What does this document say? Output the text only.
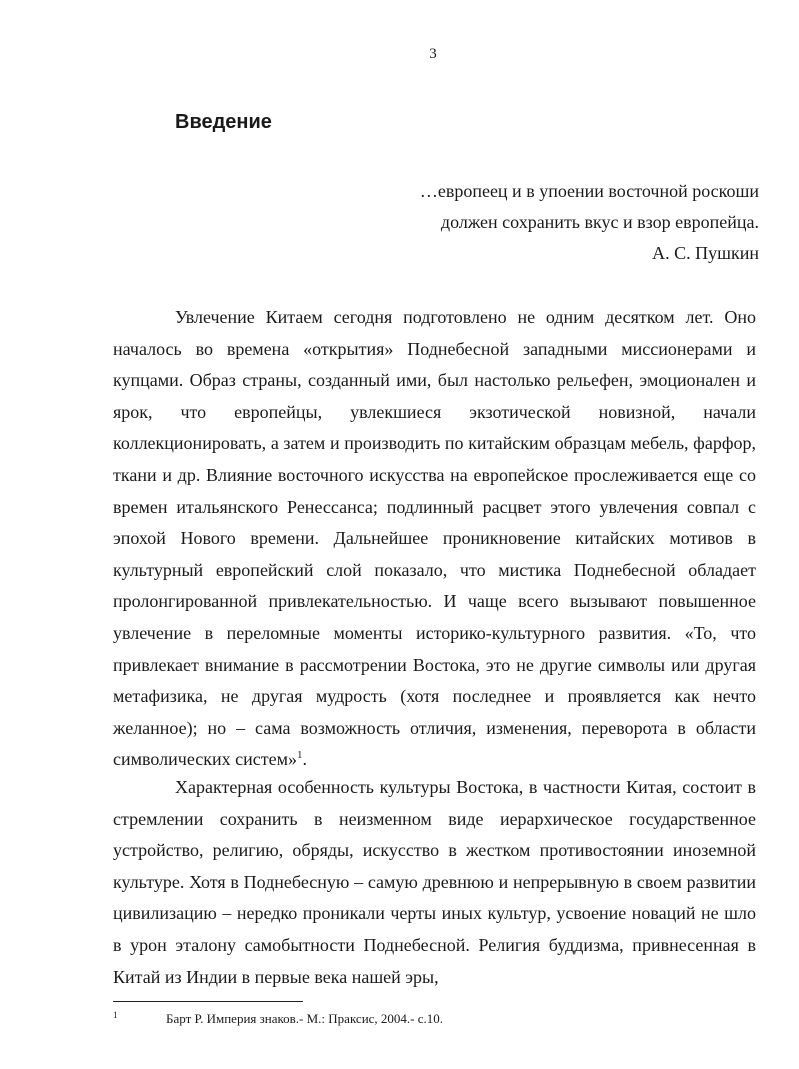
3
Введение
…европеец и в упоении восточной роскоши
должен сохранить вкус и взор европейца.
А. С. Пушкин

Увлечение Китаем сегодня подготовлено не одним десятком лет. Оно началось во времена «открытия» Поднебесной западными миссионерами и купцами. Образ страны, созданный ими, был настолько рельефен, эмоционален и ярок, что европейцы, увлекшиеся экзотической новизной, начали коллекционировать, а затем и производить по китайским образцам мебель, фарфор, ткани и др. Влияние восточного искусства на европейское прослеживается еще со времен итальянского Ренессанса; подлинный расцвет этого увлечения совпал с эпохой Нового времени. Дальнейшее проникновение китайских мотивов в культурный европейский слой показало, что мистика Поднебесной обладает пролонгированной привлекательностью. И чаще всего вызывают повышенное увлечение в переломные моменты историко-культурного развития. «То, что привлекает внимание в рассмотрении Востока, это не другие символы или другая метафизика, не другая мудрость (хотя последнее и проявляется как нечто желанное); но – сама возможность отличия, изменения, переворота в области символических систем»$^1$.

Характерная особенность культуры Востока, в частности Китая, состоит в стремлении сохранить в неизменном виде иерархическое государственное устройство, религию, обряды, искусство в жестком противостоянии иноземной культуре. Хотя в Поднебесную – самую древнюю и непрерывную в своем развитии цивилизацию – нередко проникали черты иных культур, усвоение новаций не шло в урон эталону самобытности Поднебесной. Религия буддизма, привнесенная в Китай из Индии в первые века нашей эры,

1	Барт Р. Империя знаков.- М.: Праксис, 2004.- с.10.
